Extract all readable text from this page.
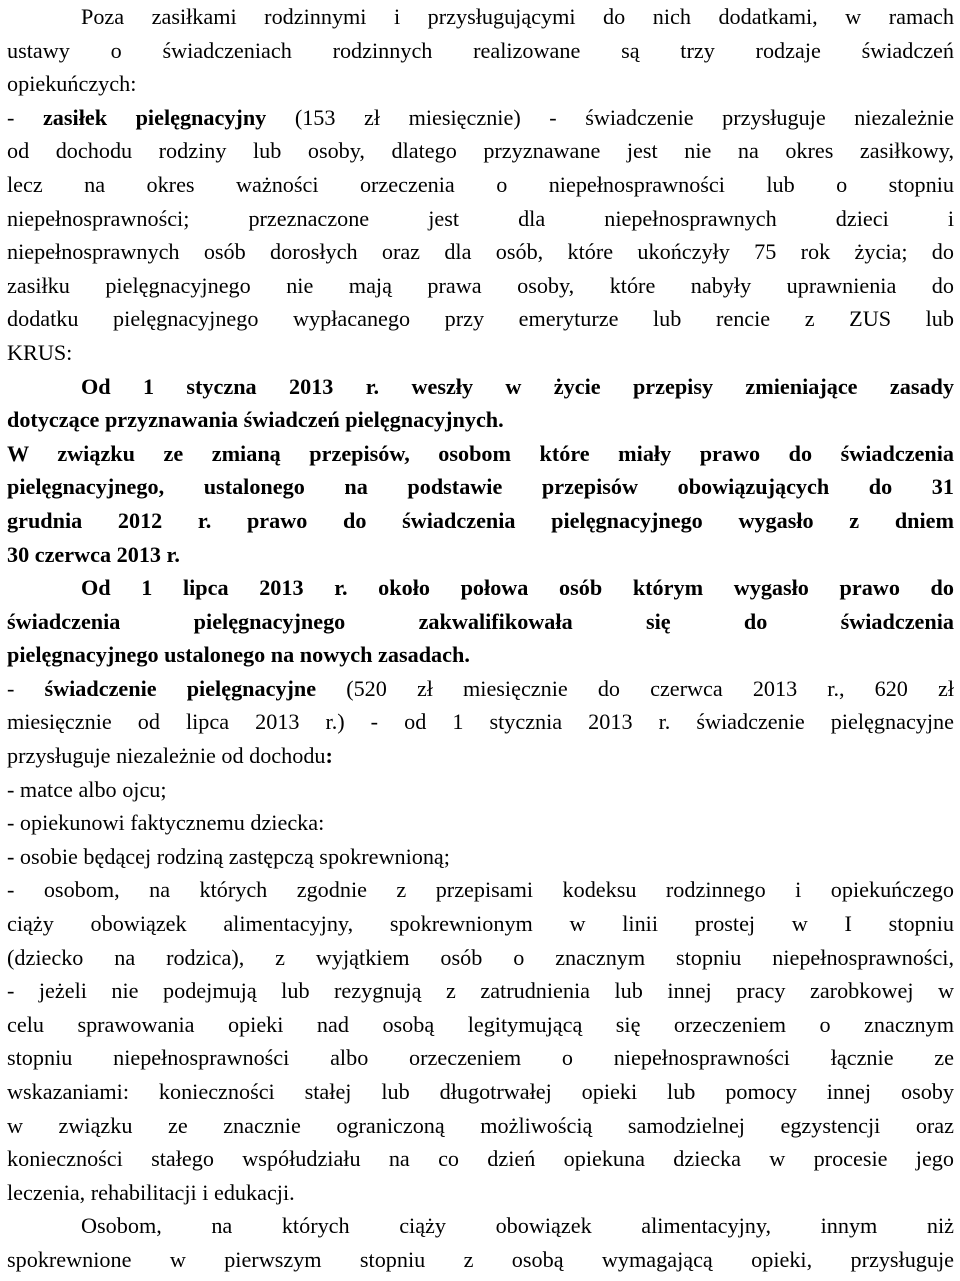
Poza zasiłkami rodzinnymi i przysługującymi do nich dodatkami, w ramach
ustawy o świadczeniach rodzinnych realizowane są trzy rodzaje świadczeń
opiekuńczych:
- zasiłek pielęgnacyjny (153 zł miesięcznie) - świadczenie przysługuje niezależnie
od dochodu rodziny lub osoby, dlatego przyznawane jest nie na okres zasiłkowy,
lecz na okres ważności orzeczenia o niepełnosprawności lub o stopniu
niepełnosprawności; przeznaczone jest dla niepełnosprawnych dzieci i
niepełnosprawnych osób dorosłych oraz dla osób, które ukończyły 75 rok życia; do
zasiłku pielęgnacyjnego nie mają prawa osoby, które nabyły uprawnienia do
dodatku pielęgnacyjnego wypłacanego przy emeryturze lub rencie z ZUS lub
KRUS:
Od 1 styczna 2013 r. weszły w życie przepisy zmieniające zasady
dotyczące przyznawania świadczeń pielęgnacyjnych.
W związku ze zmianą przepisów, osobom które miały prawo do świadczenia
pielęgnacyjnego, ustalonego na podstawie przepisów obowiązujących do 31
grudnia 2012 r. prawo do świadczenia pielęgnacyjnego wygasło z dniem
30 czerwca 2013 r.
Od 1 lipca 2013 r. około połowa osób którym wygasło prawo do
świadczenia pielęgnacyjnego zakwalifikowała się do świadczenia
pielęgnacyjnego ustalonego na nowych zasadach.
- świadczenie pielęgnacyjne (520 zł miesięcznie do czerwca 2013 r., 620 zł
miesięcznie od lipca 2013 r.) - od 1 stycznia 2013 r. świadczenie pielęgnacyjne
przysługuje niezależnie od dochodu:
- matce albo ojcu;
- opiekunowi faktycznemu dziecka:
- osobie będącej rodziną zastępczą spokrewnioną;
- osobom, na których zgodnie z przepisami kodeksu rodzinnego i opiekuńczego
ciąży obowiązek alimentacyjny, spokrewnionym w linii prostej w I stopniu
(dziecko na rodzica), z wyjątkiem osób o znacznym stopniu niepełnosprawności,
- jeżeli nie podejmują lub rezygnują z zatrudnienia lub innej pracy zarobkowej w
celu sprawowania opieki nad osobą legitymującą się orzeczeniem o znacznym
stopniu niepełnosprawności albo orzeczeniem o niepełnosprawności łącznie ze
wskazaniami: konieczności stałej lub długotrwałej opieki lub pomocy innej osoby
w związku ze znacznie ograniczoną możliwością samodzielnej egzystencji oraz
konieczności stałego współudziału na co dzień opiekuna dziecka w procesie jego
leczenia, rehabilitacji i edukacji.
Osobom, na których ciąży obowiązek alimentacyjny, innym niż
spokrewnione w pierwszym stopniu z osobą wymagającą opieki, przysługuje
